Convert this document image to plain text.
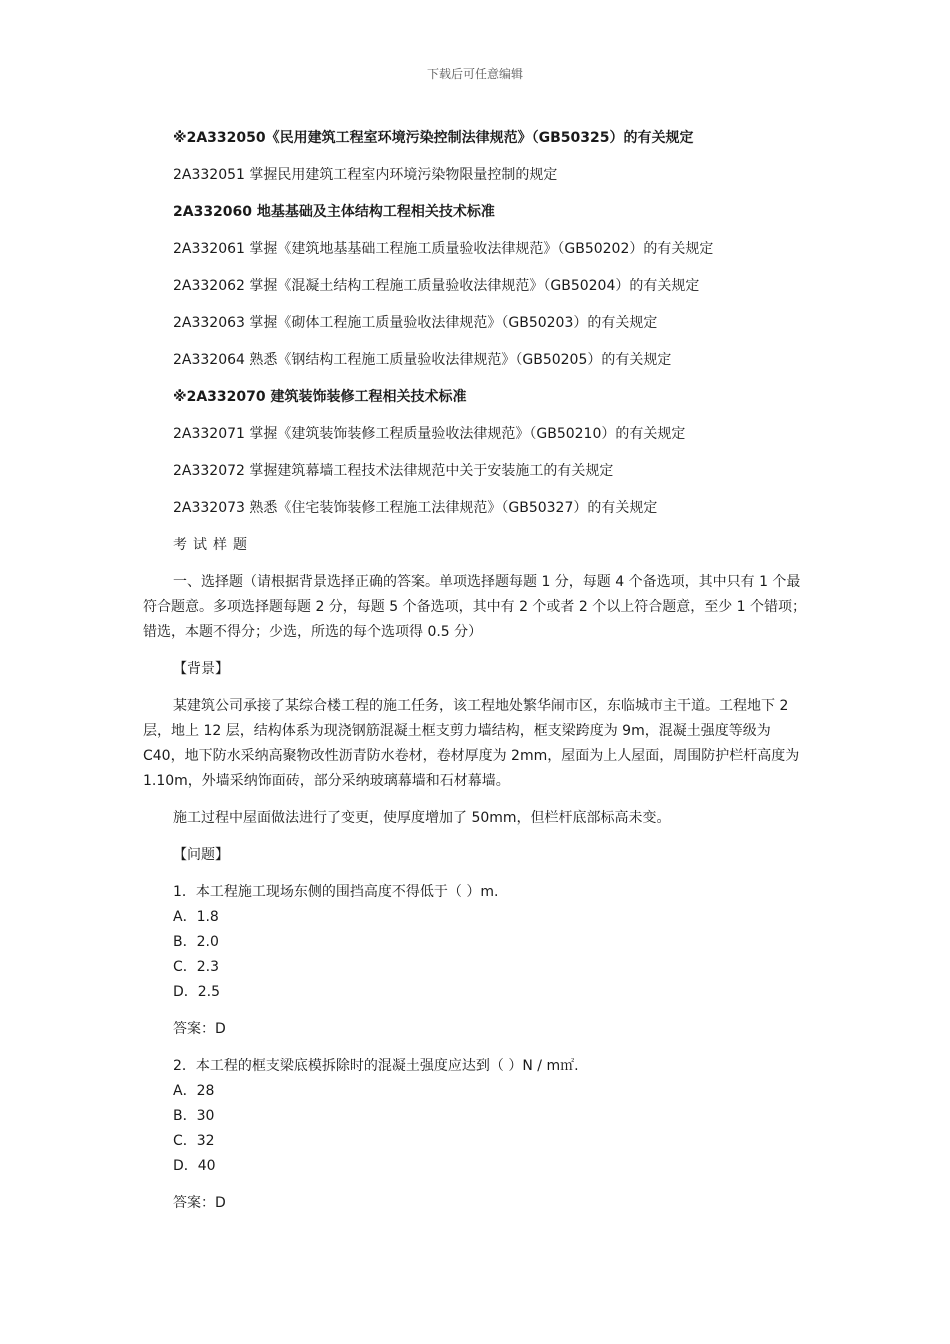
下载后可任意编辑

※2A332050《民用建筑工程室环境污染控制法律规范》（GB50325）的有关规定

2A332051 掌握民用建筑工程室内环境污染物限量控制的规定

2A332060 地基基础及主体结构工程相关技术标准

2A332061 掌握《建筑地基基础工程施工质量验收法律规范》（GB50202）的有关规定

2A332062 掌握《混凝土结构工程施工质量验收法律规范》（GB50204）的有关规定

2A332063 掌握《砌体工程施工质量验收法律规范》（GB50203）的有关规定

2A332064 熟悉《钢结构工程施工质量验收法律规范》（GB50205）的有关规定

※2A332070 建筑装饰装修工程相关技术标准

2A332071 掌握《建筑装饰装修工程质量验收法律规范》（GB50210）的有关规定

2A332072 掌握建筑幕墙工程技术法律规范中关于安装施工的有关规定

2A332073 熟悉《住宅装饰装修工程施工法律规范》（GB50327）的有关规定

考试样题

一、选择题（请根据背景选择正确的答案。单项选择题每题 1 分，每题 4 个备选项，其中只有 1 个最符合题意。多项选择题每题 2 分，每题 5 个备选项，其中有 2 个或者 2 个以上符合题意，至少 1 个错项；错选，本题不得分；少选，所选的每个选项得 0.5 分）

【背景】

某建筑公司承接了某综合楼工程的施工任务，该工程地处繁华闹市区，东临城市主干道。工程地下 2 层，地上 12 层，结构体系为现浇钢筋混凝土框支剪力墙结构，框支梁跨度为 9m，混凝土强度等级为 C40，地下防水采纳高聚物改性沥青防水卷材，卷材厚度为 2mm，屋面为上人屋面，周围防护栏杆高度为 1.10m，外墙采纳饰面砖，部分采纳玻璃幕墙和石材幕墙。

施工过程中屋面做法进行了变更，使厚度增加了 50mm，但栏杆底部标高未变。

【问题】

1．本工程施工现场东侧的围挡高度不得低于（ ）m.

A．1.8

B．2.0

C．2.3

D．2.5

答案：D

2．本工程的框支梁底模拆除时的混凝土强度应达到（ ）N / m㎡.

A．28

B．30

C．32

D．40

答案：D
